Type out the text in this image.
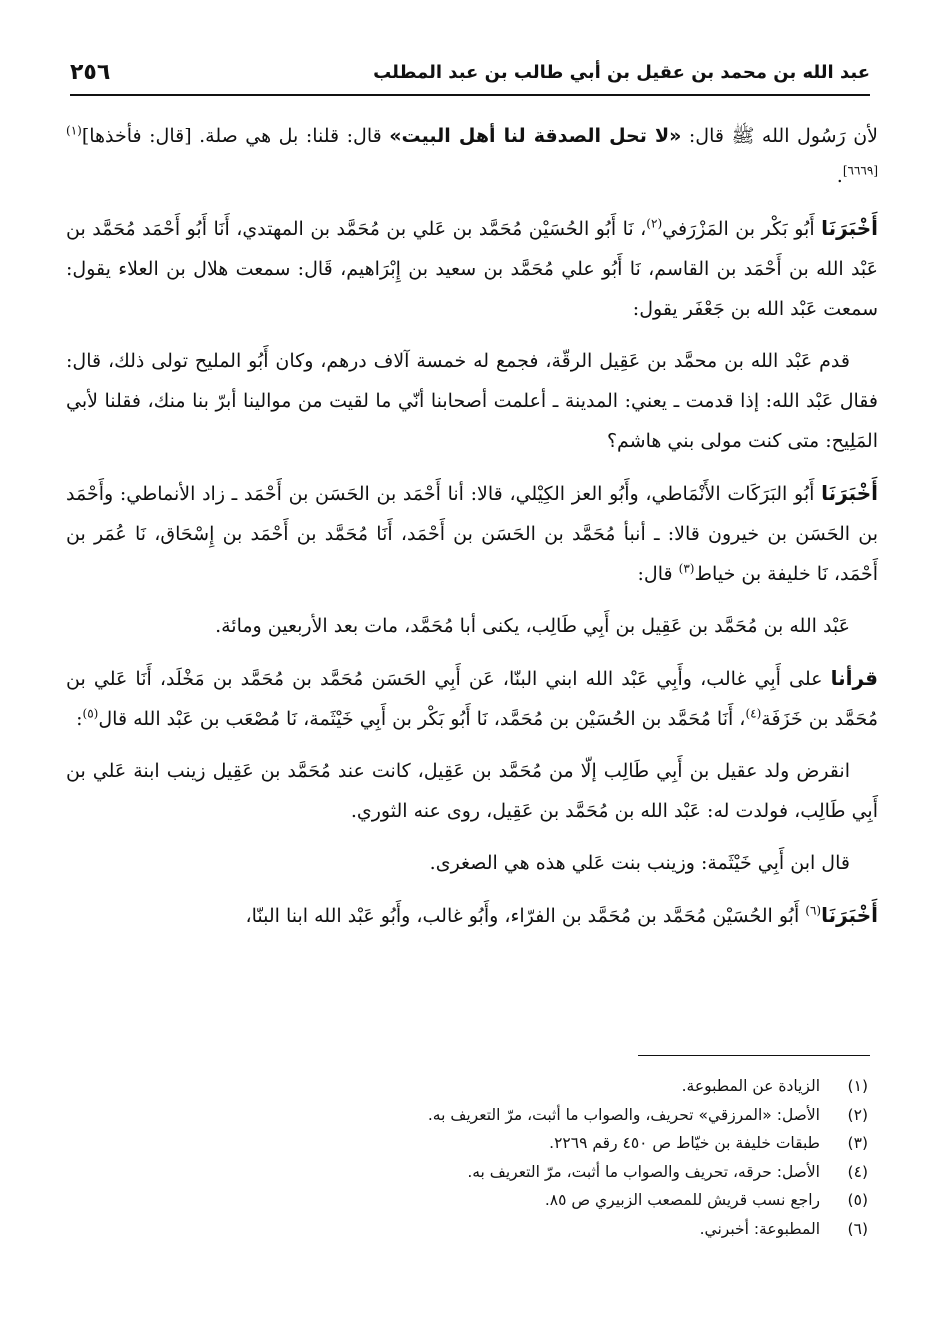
عبد الله بن محمد بن عقيل بن أبي طالب بن عبد المطلب
٢٥٦

لأن رَسُول الله ﷺ قال: «لا تحل الصدقة لنا أهل البيت» قال: قلنا: بل هي صلة. [قال: فأخذها]$^{(١)[٦٦٦٩]}$.

أَخْبَرَنَا أَبُو بَكْر بن المَزْرَفي$^{(٢)}$، نَا أَبُو الحُسَيْن مُحَمَّد بن عَلي بن مُحَمَّد بن المهتدي، أَنَا أَبُو أَحْمَد مُحَمَّد بن عَبْد الله بن أَحْمَد بن القاسم، نَا أَبُو علي مُحَمَّد بن سعيد بن إِبْرَاهيم، قَال: سمعت هلال بن العلاء يقول: سمعت عَبْد الله بن جَعْفَر يقول:

قدم عَبْد الله بن محمَّد بن عَقِيل الرقّة، فجمع له خمسة آلاف درهم، وكان أَبُو المليح تولى ذلك، قال: فقال عَبْد الله: إذا قدمت ـ يعني: المدينة ـ أعلمت أصحابنا أنّي ما لقيت من موالينا أبرّ بنا منك، فقلنا لأبي المَلِيح: متى كنت مولى بني هاشم؟

أَخْبَرَنَا أَبُو البَرَكَات الأَنْمَاطي، وأَبُو العز الكِيْلي، قالا: أنا أَحْمَد بن الحَسَن بن أَحْمَد ـ زاد الأنماطي: وأَحْمَد بن الحَسَن بن خيرون قالا: ـ أنبأ مُحَمَّد بن الحَسَن بن أَحْمَد، أَنَا مُحَمَّد بن أَحْمَد بن إِسْحَاق، نَا عُمَر بن أَحْمَد، نَا خليفة بن خياط$^{(٣)}$ قال:

عَبْد الله بن مُحَمَّد بن عَقِيل بن أَبِي طَالِب، يكنى أبا مُحَمَّد، مات بعد الأربعين ومائة.

قرأنا على أَبِي غالب، وأَبِي عَبْد الله ابني البنّا، عَن أَبِي الحَسَن مُحَمَّد بن مُحَمَّد بن مَخْلَد، أَنَا عَلي بن مُحَمَّد بن خَزَفَة$^{(٤)}$، أَنَا مُحَمَّد بن الحُسَيْن بن مُحَمَّد، نَا أَبُو بَكْر بن أَبِي خَيْثَمة، نَا مُصْعَب بن عَبْد الله قال$^{(٥)}$:

انقرض ولد عقيل بن أَبِي طَالِب إلّا من مُحَمَّد بن عَقِيل، كانت عند مُحَمَّد بن عَقِيل زينب ابنة عَلي بن أَبِي طَالِب، فولدت له: عَبْد الله بن مُحَمَّد بن عَقِيل، روى عنه الثوري.

قال ابن أَبِي خَيْثَمة: وزينب بنت عَلي هذه هي الصغرى.

أَخْبَرَنَا$^{(٦)}$ أَبُو الحُسَيْن مُحَمَّد بن مُحَمَّد بن الفرّاء، وأَبُو غالب، وأَبُو عَبْد الله ابنا البنّا،

(١)
الزيادة عن المطبوعة.
(٢)
الأصل: «المرزقي» تحريف، والصواب ما أثبت، مرّ التعريف به.
(٣)
طبقات خليفة بن خيّاط ص ٤٥٠ رقم ٢٢٦٩.
(٤)
الأصل: حرقه، تحريف والصواب ما أثبت، مرّ التعريف به.
(٥)
راجع نسب قريش للمصعب الزبيري ص ٨٥.
(٦)
المطبوعة: أخبرني.
